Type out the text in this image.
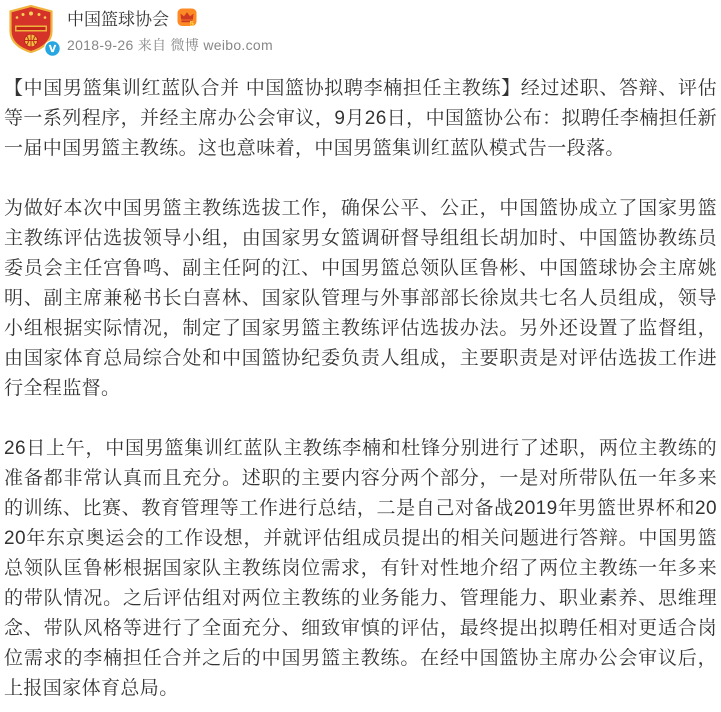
中国篮球协会	5
2018-9-26 来自 微博 weibo.com

【中国男篮集训红蓝队合并 中国篮协拟聘李楠担任主教练】经过述职、答辩、评估等一系列程序，并经主席办公会审议，9月26日，中国篮协公布：拟聘任李楠担任新一届中国男篮主教练。这也意味着，中国男篮集训红蓝队模式告一段落。

为做好本次中国男篮主教练选拔工作，确保公平、公正，中国篮协成立了国家男篮主教练评估选拔领导小组，由国家男女篮调研督导组组长胡加时、中国篮协教练员委员会主任宫鲁鸣、副主任阿的江、中国男篮总领队匡鲁彬、中国篮球协会主席姚明、副主席兼秘书长白喜林、国家队管理与外事部部长徐岚共七名人员组成，领导小组根据实际情况，制定了国家男篮主教练评估选拔办法。另外还设置了监督组，由国家体育总局综合处和中国篮协纪委负责人组成，主要职责是对评估选拔工作进行全程监督。

26日上午，中国男篮集训红蓝队主教练李楠和杜锋分别进行了述职，两位主教练的准备都非常认真而且充分。述职的主要内容分两个部分，一是对所带队伍一年多来的训练、比赛、教育管理等工作进行总结，二是自己对备战2019年男篮世界杯和2020年东京奥运会的工作设想，并就评估组成员提出的相关问题进行答辩。中国男篮总领队匡鲁彬根据国家队主教练岗位需求，有针对性地介绍了两位主教练一年多来的带队情况。之后评估组对两位主教练的业务能力、管理能力、职业素养、思维理念、带队风格等进行了全面充分、细致审慎的评估，最终提出拟聘任相对更适合岗位需求的李楠担任合并之后的中国男篮主教练。在经中国篮协主席办公会审议后，上报国家体育总局。
